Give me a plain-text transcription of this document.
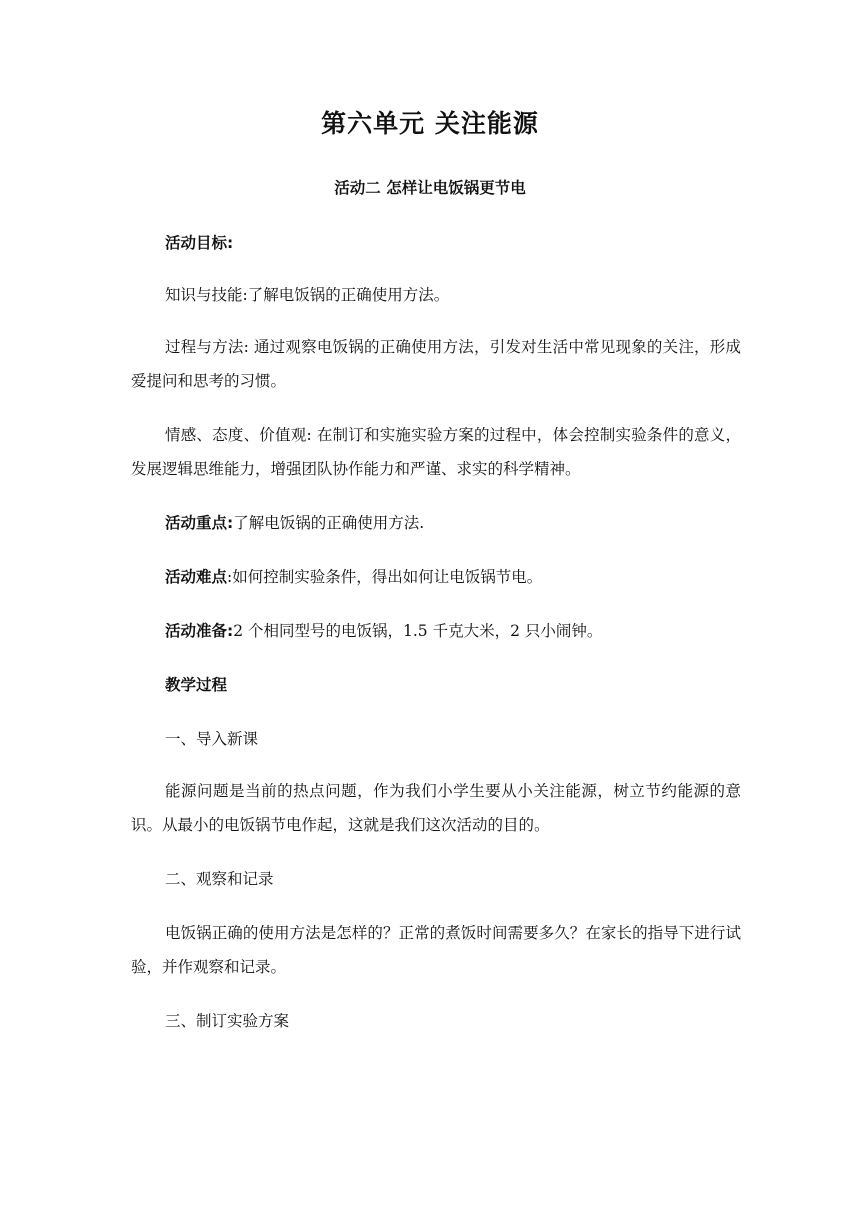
第六单元 关注能源
活动二 怎样让电饭锅更节电

活动目标:

知识与技能:了解电饭锅的正确使用方法。

过程与方法: 通过观察电饭锅的正确使用方法，引发对生活中常见现象的关注，形成爱提问和思考的习惯。

情感、态度、价值观: 在制订和实施实验方案的过程中，体会控制实验条件的意义，发展逻辑思维能力，增强团队协作能力和严谨、求实的科学精神。

活动重点:了解电饭锅的正确使用方法.

活动难点:如何控制实验条件，得出如何让电饭锅节电。

活动准备:2 个相同型号的电饭锅，1.5 千克大米，2 只小闹钟。

教学过程

一、导入新课

能源问题是当前的热点问题，作为我们小学生要从小关注能源，树立节约能源的意识。从最小的电饭锅节电作起，这就是我们这次活动的目的。

二、观察和记录

电饭锅正确的使用方法是怎样的？正常的煮饭时间需要多久？在家长的指导下进行试验，并作观察和记录。

三、制订实验方案
